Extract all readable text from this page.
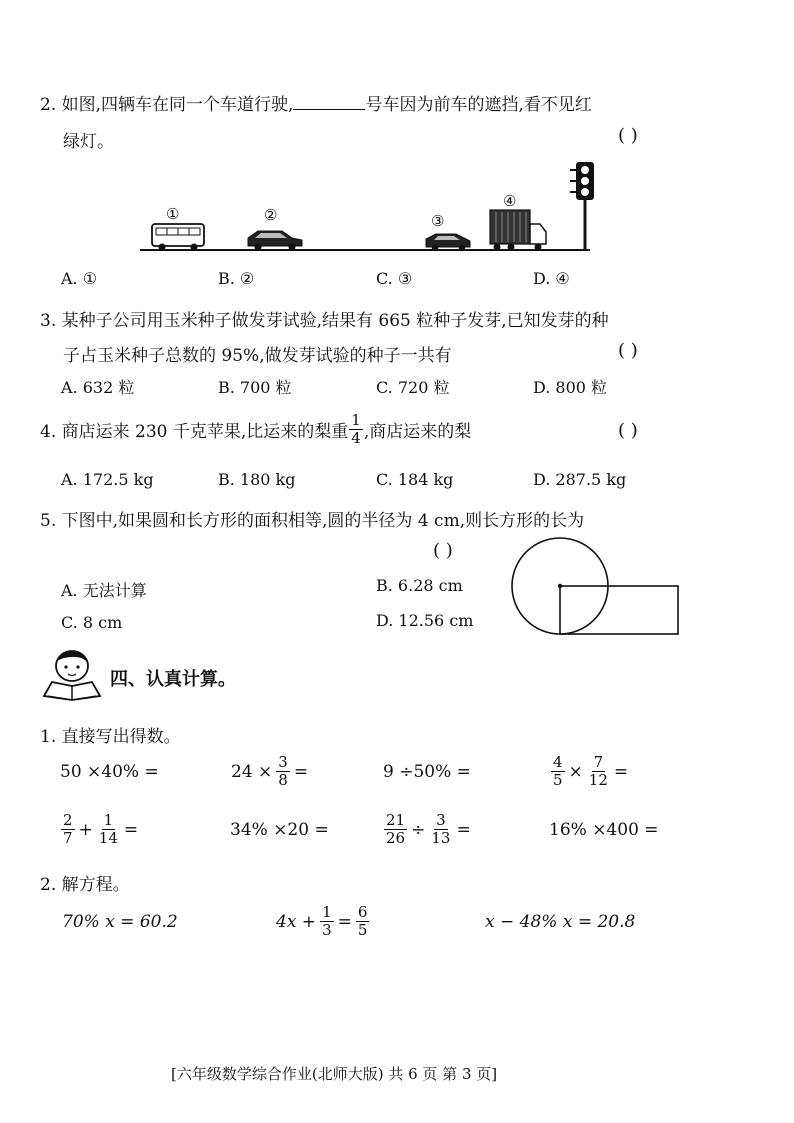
2. 如图,四辆车在同一个车道行驶,	号车因为前车的遮挡,看不见红
绿灯。	( )
①	②	③
④
A. ①	B. ②	C. ③	D. ④
3. 某种子公司用玉米种子做发芽试验,结果有 665 粒种子发芽,已知发芽的种
子占玉米种子总数的 95%,做发芽试验的种子一共有	( )
A. 632 粒	B. 700 粒	C. 720 粒	D. 800 粒
4. 商店运来 230 千克苹果,比运来的梨重 $\frac{1}{4}$ ,商店运来的梨	( )
A. 172.5 kg	B. 180 kg	C. 184 kg	D. 287.5 kg
5. 下图中,如果圆和长方形的面积相等,圆的半径为 4 cm,则长方形的长为
( )
A. 无法计算	B. 6.28 cm
C. 8 cm	D. 12.56 cm
四、认真计算。
1. 直接写出得数。
50 ×40% =	$24 \times \frac{3}{8}$ =	9 ÷50% =	$\frac{4}{5} \times \frac{7}{12}$ =
$\frac{2}{7} + \frac{1}{14}$ =	34% ×20 =	$\frac{21}{26} \div \frac{3}{13}$ =	16% ×400 =
2. 解方程。
70% x = 60.2	$4x + \frac{1}{3} = \frac{6}{5}$	x − 48% x = 20.8
[六年级数学综合作业(北师大版) 共 6 页 第 3 页]
